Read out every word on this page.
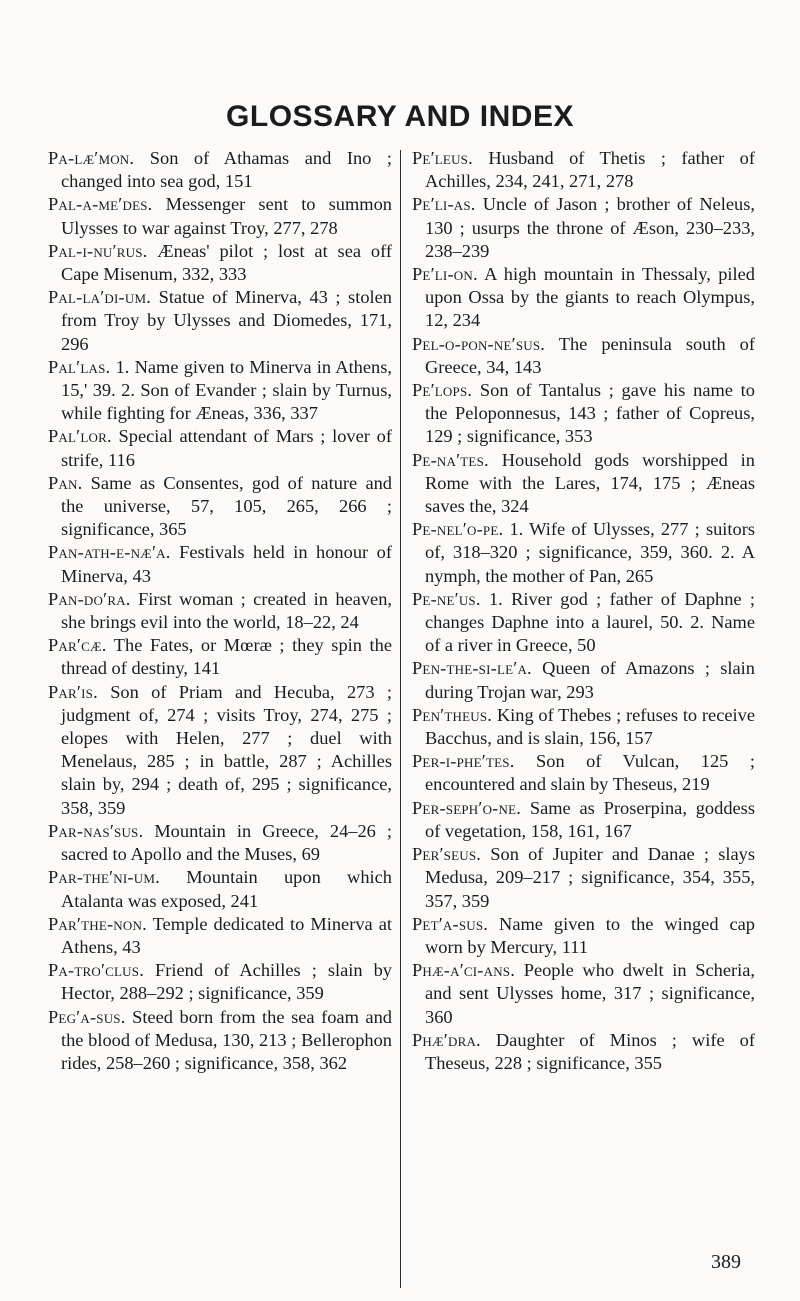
GLOSSARY AND INDEX

Pa-læ′mon. Son of Athamas and Ino ; changed into sea god, 151

Pal-a-me′des. Messenger sent to summon Ulysses to war against Troy, 277, 278

Pal-i-nu′rus. Æneas' pilot ; lost at sea off Cape Misenum, 332, 333

Pal-la′di-um. Statue of Minerva, 43 ; stolen from Troy by Ulysses and Diomedes, 171, 296

Pal′las. 1. Name given to Minerva in Athens, 15,' 39. 2. Son of Evander ; slain by Turnus, while fighting for Æneas, 336, 337

Pal′lor. Special attendant of Mars ; lover of strife, 116

Pan. Same as Consentes, god of nature and the universe, 57, 105, 265, 266 ; significance, 365

Pan-ath-e-næ′a. Festivals held in honour of Minerva, 43

Pan-do′ra. First woman ; created in heaven, she brings evil into the world, 18–22, 24

Par′cæ. The Fates, or Mœræ ; they spin the thread of destiny, 141

Par′is. Son of Priam and Hecuba, 273 ; judgment of, 274 ; visits Troy, 274, 275 ; elopes with Helen, 277 ; duel with Menelaus, 285 ; in battle, 287 ; Achilles slain by, 294 ; death of, 295 ; significance, 358, 359

Par-nas′sus. Mountain in Greece, 24–26 ; sacred to Apollo and the Muses, 69

Par-the′ni-um. Mountain upon which Atalanta was exposed, 241

Par′the-non. Temple dedicated to Minerva at Athens, 43

Pa-tro′clus. Friend of Achilles ; slain by Hector, 288–292 ; significance, 359

Peg′a-sus. Steed born from the sea foam and the blood of Medusa, 130, 213 ; Bellerophon rides, 258–260 ; significance, 358, 362

Pe′leus. Husband of Thetis ; father of Achilles, 234, 241, 271, 278

Pe′li-as. Uncle of Jason ; brother of Neleus, 130 ; usurps the throne of Æson, 230–233, 238–239

Pe′li-on. A high mountain in Thessaly, piled upon Ossa by the giants to reach Olympus, 12, 234

Pel-o-pon-ne′sus. The peninsula south of Greece, 34, 143

Pe′lops. Son of Tantalus ; gave his name to the Peloponnesus, 143 ; father of Copreus, 129 ; significance, 353

Pe-na′tes. Household gods worshipped in Rome with the Lares, 174, 175 ; Æneas saves the, 324

Pe-nel′o-pe. 1. Wife of Ulysses, 277 ; suitors of, 318–320 ; significance, 359, 360. 2. A nymph, the mother of Pan, 265

Pe-ne′us. 1. River god ; father of Daphne ; changes Daphne into a laurel, 50. 2. Name of a river in Greece, 50

Pen-the-si-le′a. Queen of Amazons ; slain during Trojan war, 293

Pen′theus. King of Thebes ; refuses to receive Bacchus, and is slain, 156, 157

Per-i-phe′tes. Son of Vulcan, 125 ; encountered and slain by Theseus, 219

Per-seph′o-ne. Same as Proserpina, goddess of vegetation, 158, 161, 167

Per′seus. Son of Jupiter and Danae ; slays Medusa, 209–217 ; significance, 354, 355, 357, 359

Pet′a-sus. Name given to the winged cap worn by Mercury, 111

Phæ-a′ci-ans. People who dwelt in Scheria, and sent Ulysses home, 317 ; significance, 360

Phæ′dra. Daughter of Minos ; wife of Theseus, 228 ; significance, 355

389
